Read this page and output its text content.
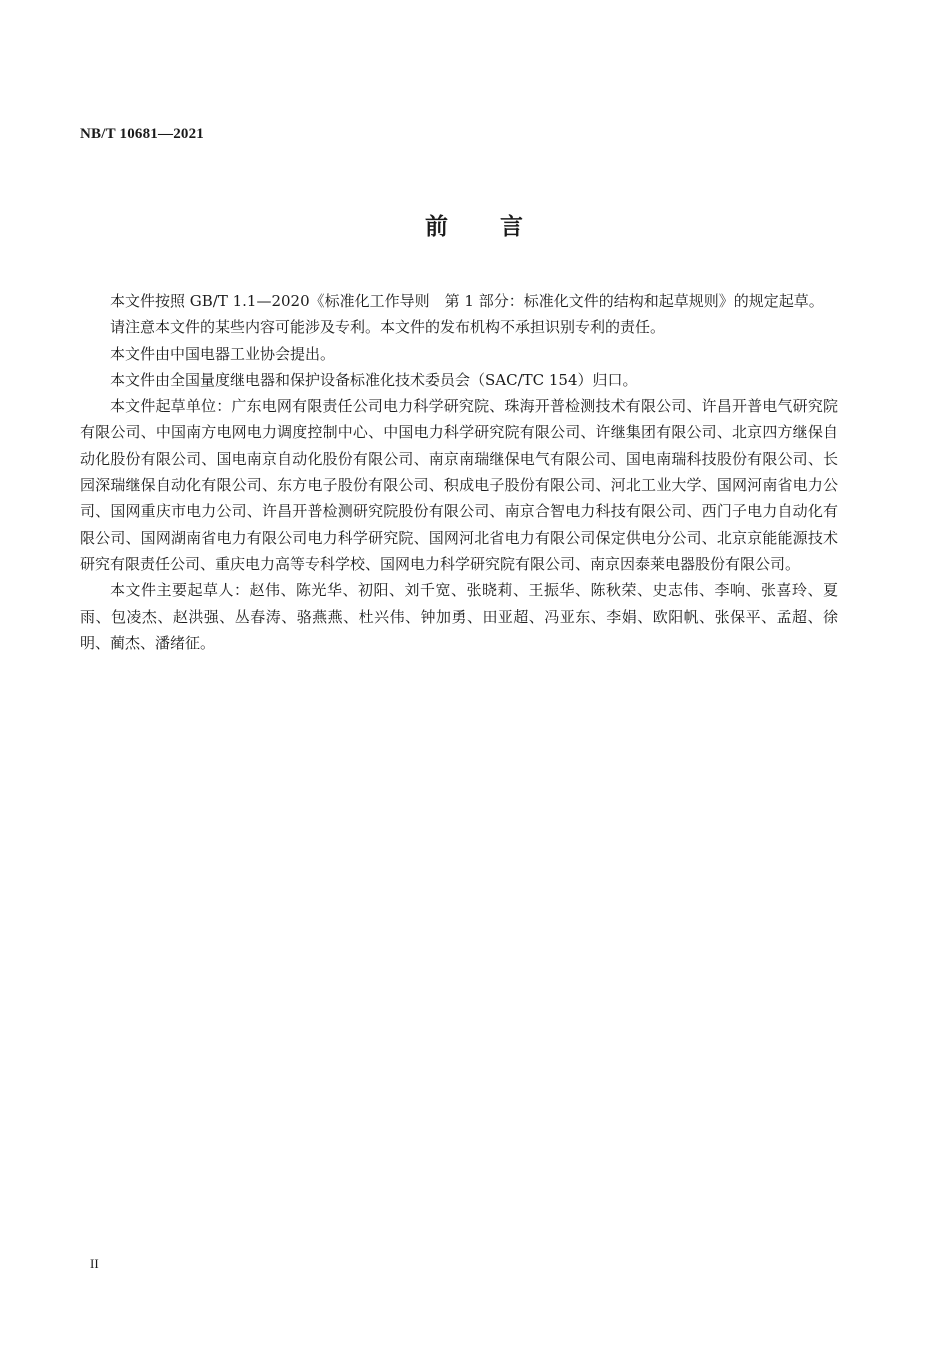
NB/T 10681—2021
前　　言

本文件按照 GB/T 1.1—2020《标准化工作导则　第 1 部分：标准化文件的结构和起草规则》的规定起草。

请注意本文件的某些内容可能涉及专利。本文件的发布机构不承担识别专利的责任。

本文件由中国电器工业协会提出。

本文件由全国量度继电器和保护设备标准化技术委员会（SAC/TC 154）归口。

本文件起草单位：广东电网有限责任公司电力科学研究院、珠海开普检测技术有限公司、许昌开普电气研究院有限公司、中国南方电网电力调度控制中心、中国电力科学研究院有限公司、许继集团有限公司、北京四方继保自动化股份有限公司、国电南京自动化股份有限公司、南京南瑞继保电气有限公司、国电南瑞科技股份有限公司、长园深瑞继保自动化有限公司、东方电子股份有限公司、积成电子股份有限公司、河北工业大学、国网河南省电力公司、国网重庆市电力公司、许昌开普检测研究院股份有限公司、南京合智电力科技有限公司、西门子电力自动化有限公司、国网湖南省电力有限公司电力科学研究院、国网河北省电力有限公司保定供电分公司、北京京能能源技术研究有限责任公司、重庆电力高等专科学校、国网电力科学研究院有限公司、南京因泰莱电器股份有限公司。

本文件主要起草人：赵伟、陈光华、初阳、刘千宽、张晓莉、王振华、陈秋荣、史志伟、李响、张喜玲、夏雨、包凌杰、赵洪强、丛春涛、骆燕燕、杜兴伟、钟加勇、田亚超、冯亚东、李娟、欧阳帆、张保平、孟超、徐明、蔺杰、潘绪征。

II
